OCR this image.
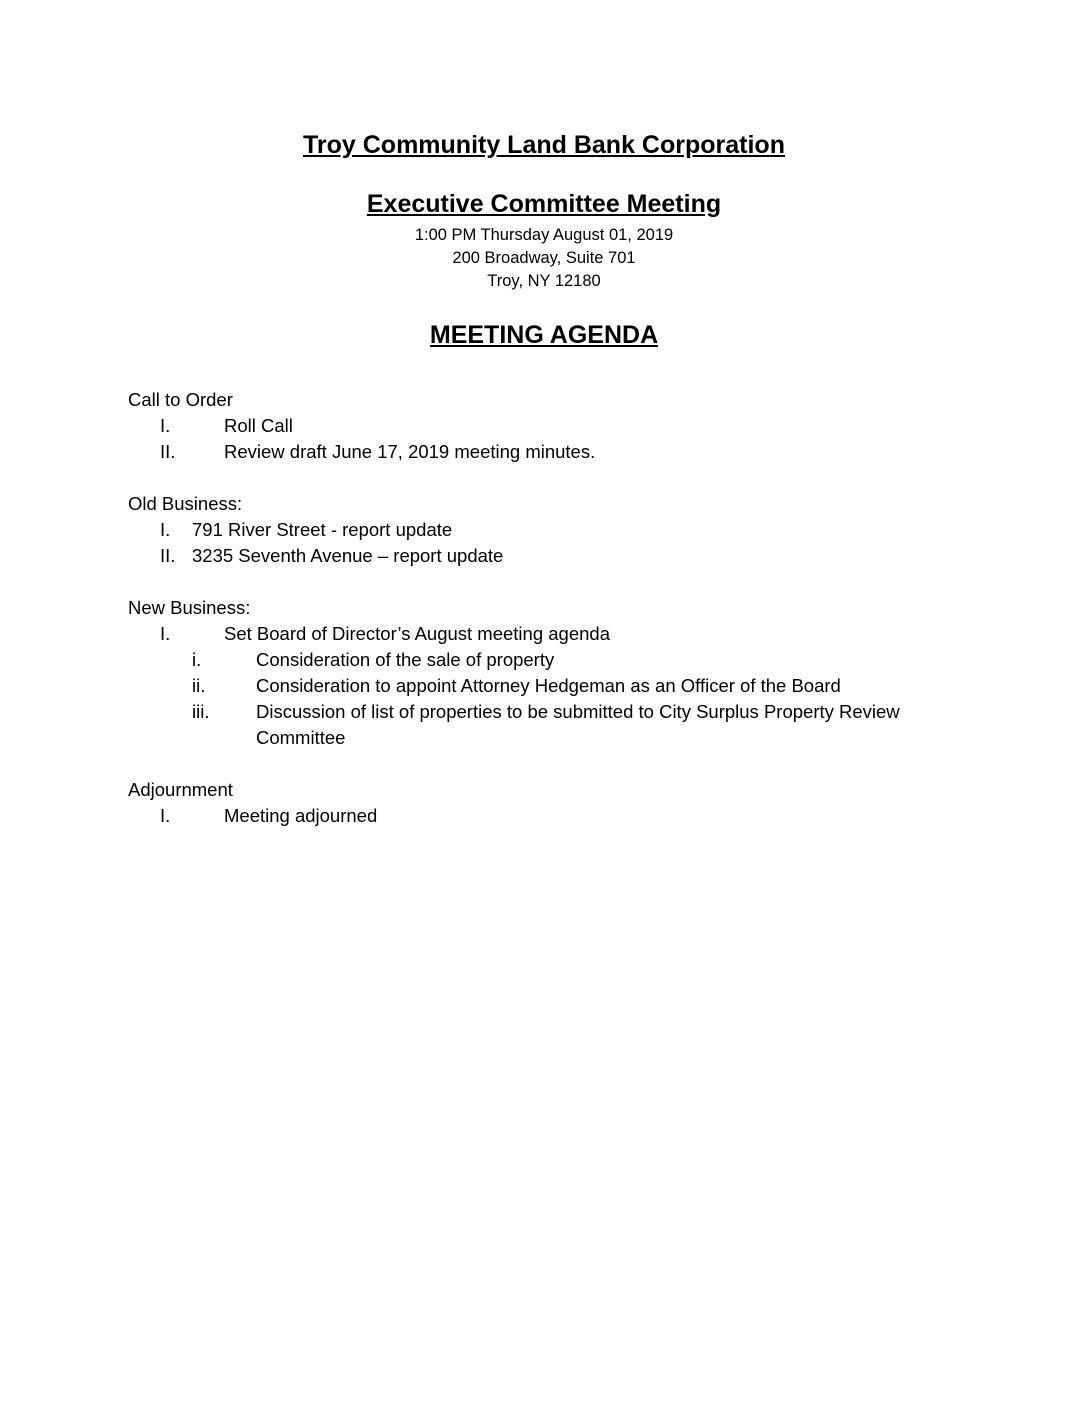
Troy Community Land Bank Corporation
Executive Committee Meeting
1:00 PM Thursday August 01, 2019
200 Broadway, Suite 701
Troy, NY 12180
MEETING AGENDA
Call to Order
I.	Roll Call
II.	Review draft June 17, 2019 meeting minutes.
Old Business:
I. 791 River Street - report update
II. 3235 Seventh Avenue – report update
New Business:
I.	Set Board of Director’s August meeting agenda
i.	Consideration of the sale of property
ii.	Consideration to appoint Attorney Hedgeman as an Officer of the Board
iii.	Discussion of list of properties to be submitted to City Surplus Property Review
Committee
Adjournment
I.	Meeting adjourned
